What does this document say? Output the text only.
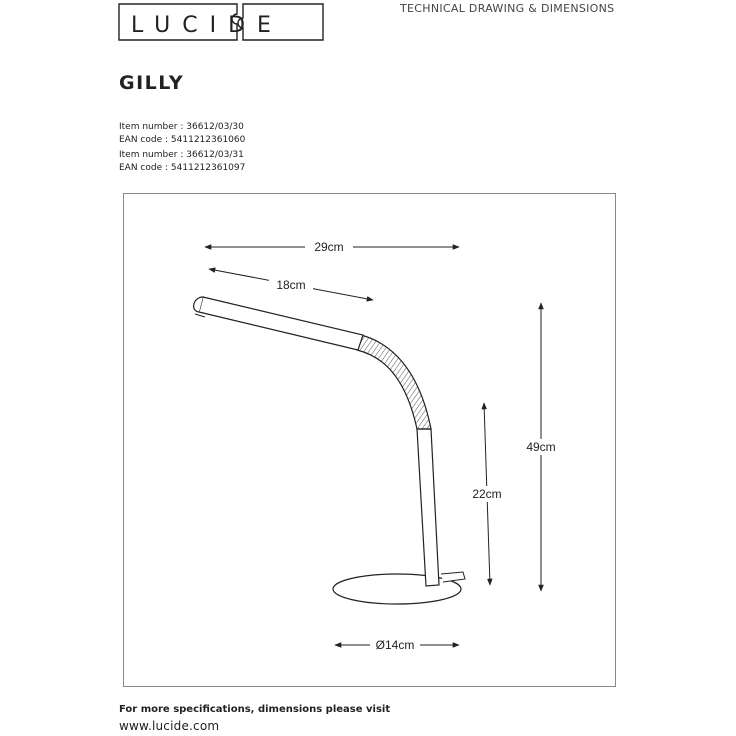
LUCIDE
TECHNICAL DRAWING & DIMENSIONS
GILLY
Item number : 36612/03/30
EAN code : 5411212361060
Item number : 36612/03/31
EAN code : 5411212361097
29cm
18cm
49cm
22cm
Ø14cm
For more specifications, dimensions please visit
www.lucide.com
